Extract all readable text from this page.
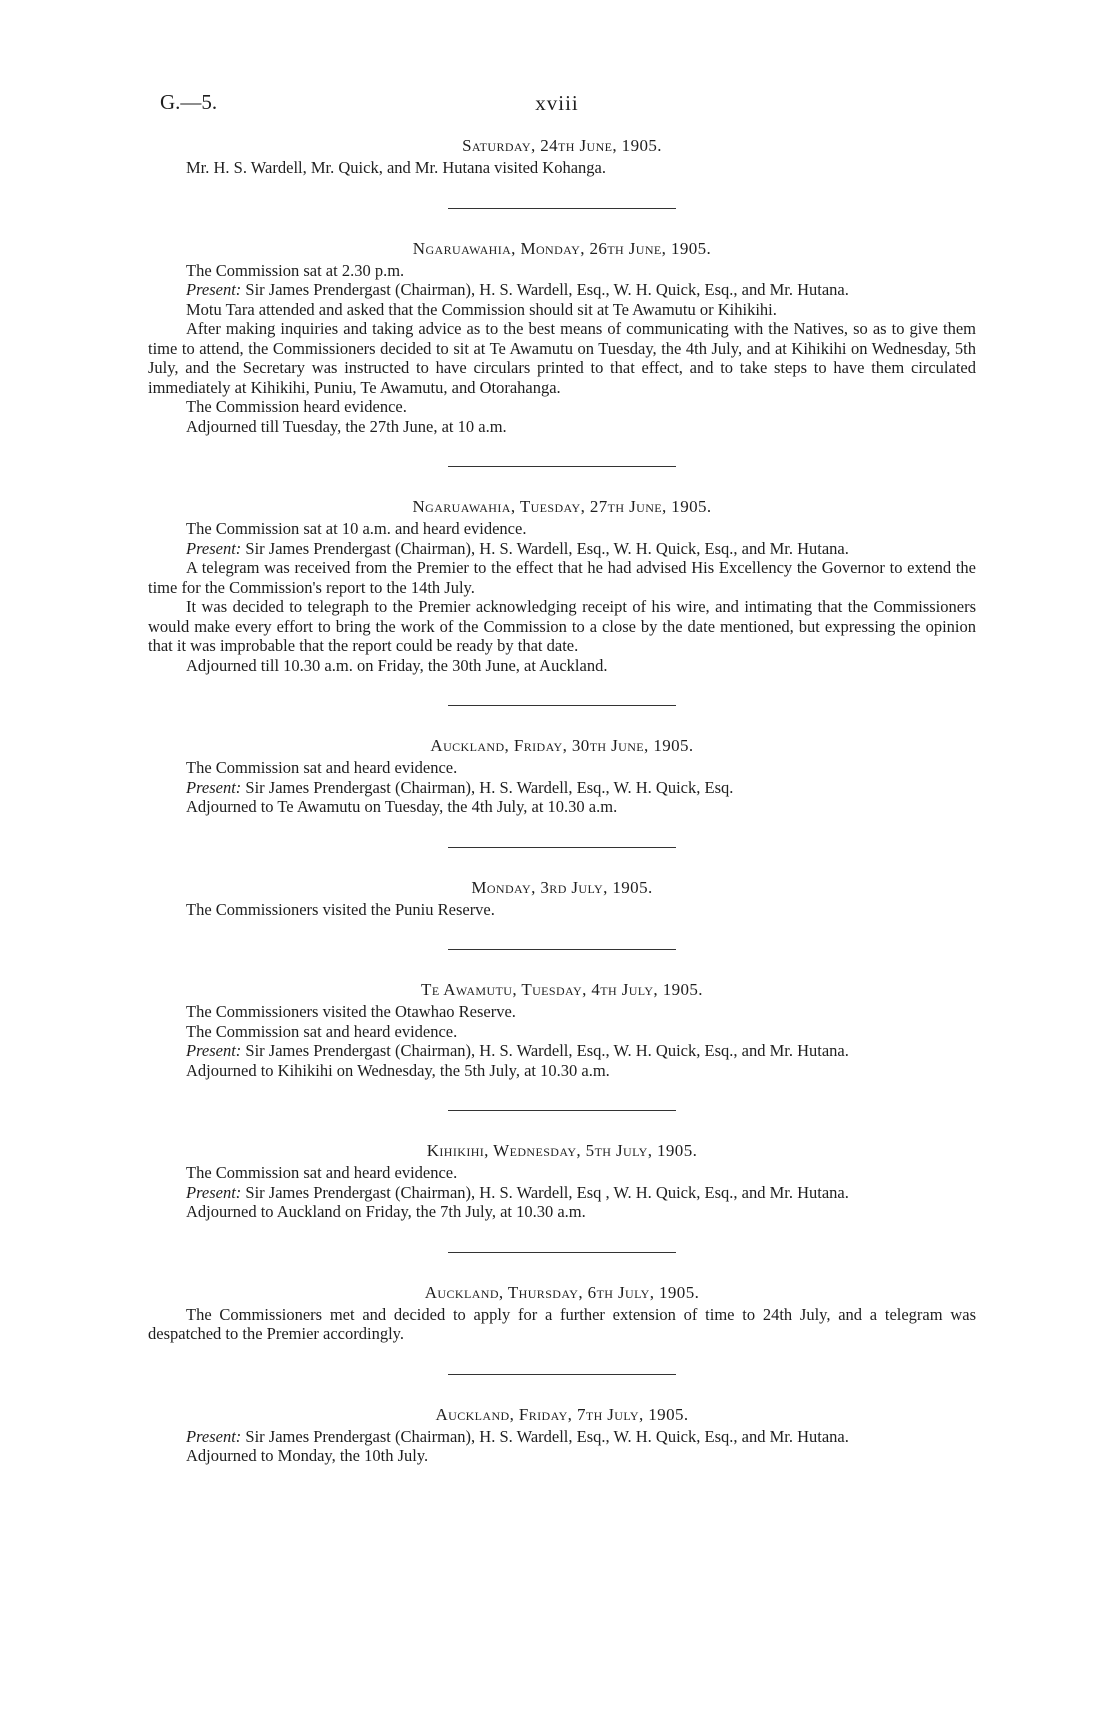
G.—5.	xviii
Saturday, 24th June, 1905.

Mr. H. S. Wardell, Mr. Quick, and Mr. Hutana visited Kohanga.

Ngaruawahia, Monday, 26th June, 1905.

The Commission sat at 2.30 p.m.

Present: Sir James Prendergast (Chairman), H. S. Wardell, Esq., W. H. Quick, Esq., and Mr. Hutana.

Motu Tara attended and asked that the Commission should sit at Te Awamutu or Kihikihi.

After making inquiries and taking advice as to the best means of communicating with the Natives, so as to give them time to attend, the Commissioners decided to sit at Te Awamutu on Tuesday, the 4th July, and at Kihikihi on Wednesday, 5th July, and the Secretary was instructed to have circulars printed to that effect, and to take steps to have them circulated immediately at Kihikihi, Puniu, Te Awamutu, and Otorahanga.

The Commission heard evidence.

Adjourned till Tuesday, the 27th June, at 10 a.m.

Ngaruawahia, Tuesday, 27th June, 1905.

The Commission sat at 10 a.m. and heard evidence.

Present: Sir James Prendergast (Chairman), H. S. Wardell, Esq., W. H. Quick, Esq., and Mr. Hutana.

A telegram was received from the Premier to the effect that he had advised His Excellency the Governor to extend the time for the Commission's report to the 14th July.

It was decided to telegraph to the Premier acknowledging receipt of his wire, and intimating that the Commissioners would make every effort to bring the work of the Commission to a close by the date mentioned, but expressing the opinion that it was improbable that the report could be ready by that date.

Adjourned till 10.30 a.m. on Friday, the 30th June, at Auckland.

Auckland, Friday, 30th June, 1905.

The Commission sat and heard evidence.

Present: Sir James Prendergast (Chairman), H. S. Wardell, Esq., W. H. Quick, Esq.

Adjourned to Te Awamutu on Tuesday, the 4th July, at 10.30 a.m.

Monday, 3rd July, 1905.

The Commissioners visited the Puniu Reserve.

Te Awamutu, Tuesday, 4th July, 1905.

The Commissioners visited the Otawhao Reserve.

The Commission sat and heard evidence.

Present: Sir James Prendergast (Chairman), H. S. Wardell, Esq., W. H. Quick, Esq., and Mr. Hutana.

Adjourned to Kihikihi on Wednesday, the 5th July, at 10.30 a.m.

Kihikihi, Wednesday, 5th July, 1905.

The Commission sat and heard evidence.

Present: Sir James Prendergast (Chairman), H. S. Wardell, Esq , W. H. Quick, Esq., and Mr. Hutana.

Adjourned to Auckland on Friday, the 7th July, at 10.30 a.m.

Auckland, Thursday, 6th July, 1905.

The Commissioners met and decided to apply for a further extension of time to 24th July, and a telegram was despatched to the Premier accordingly.

Auckland, Friday, 7th July, 1905.

Present: Sir James Prendergast (Chairman), H. S. Wardell, Esq., W. H. Quick, Esq., and Mr. Hutana.

Adjourned to Monday, the 10th July.
